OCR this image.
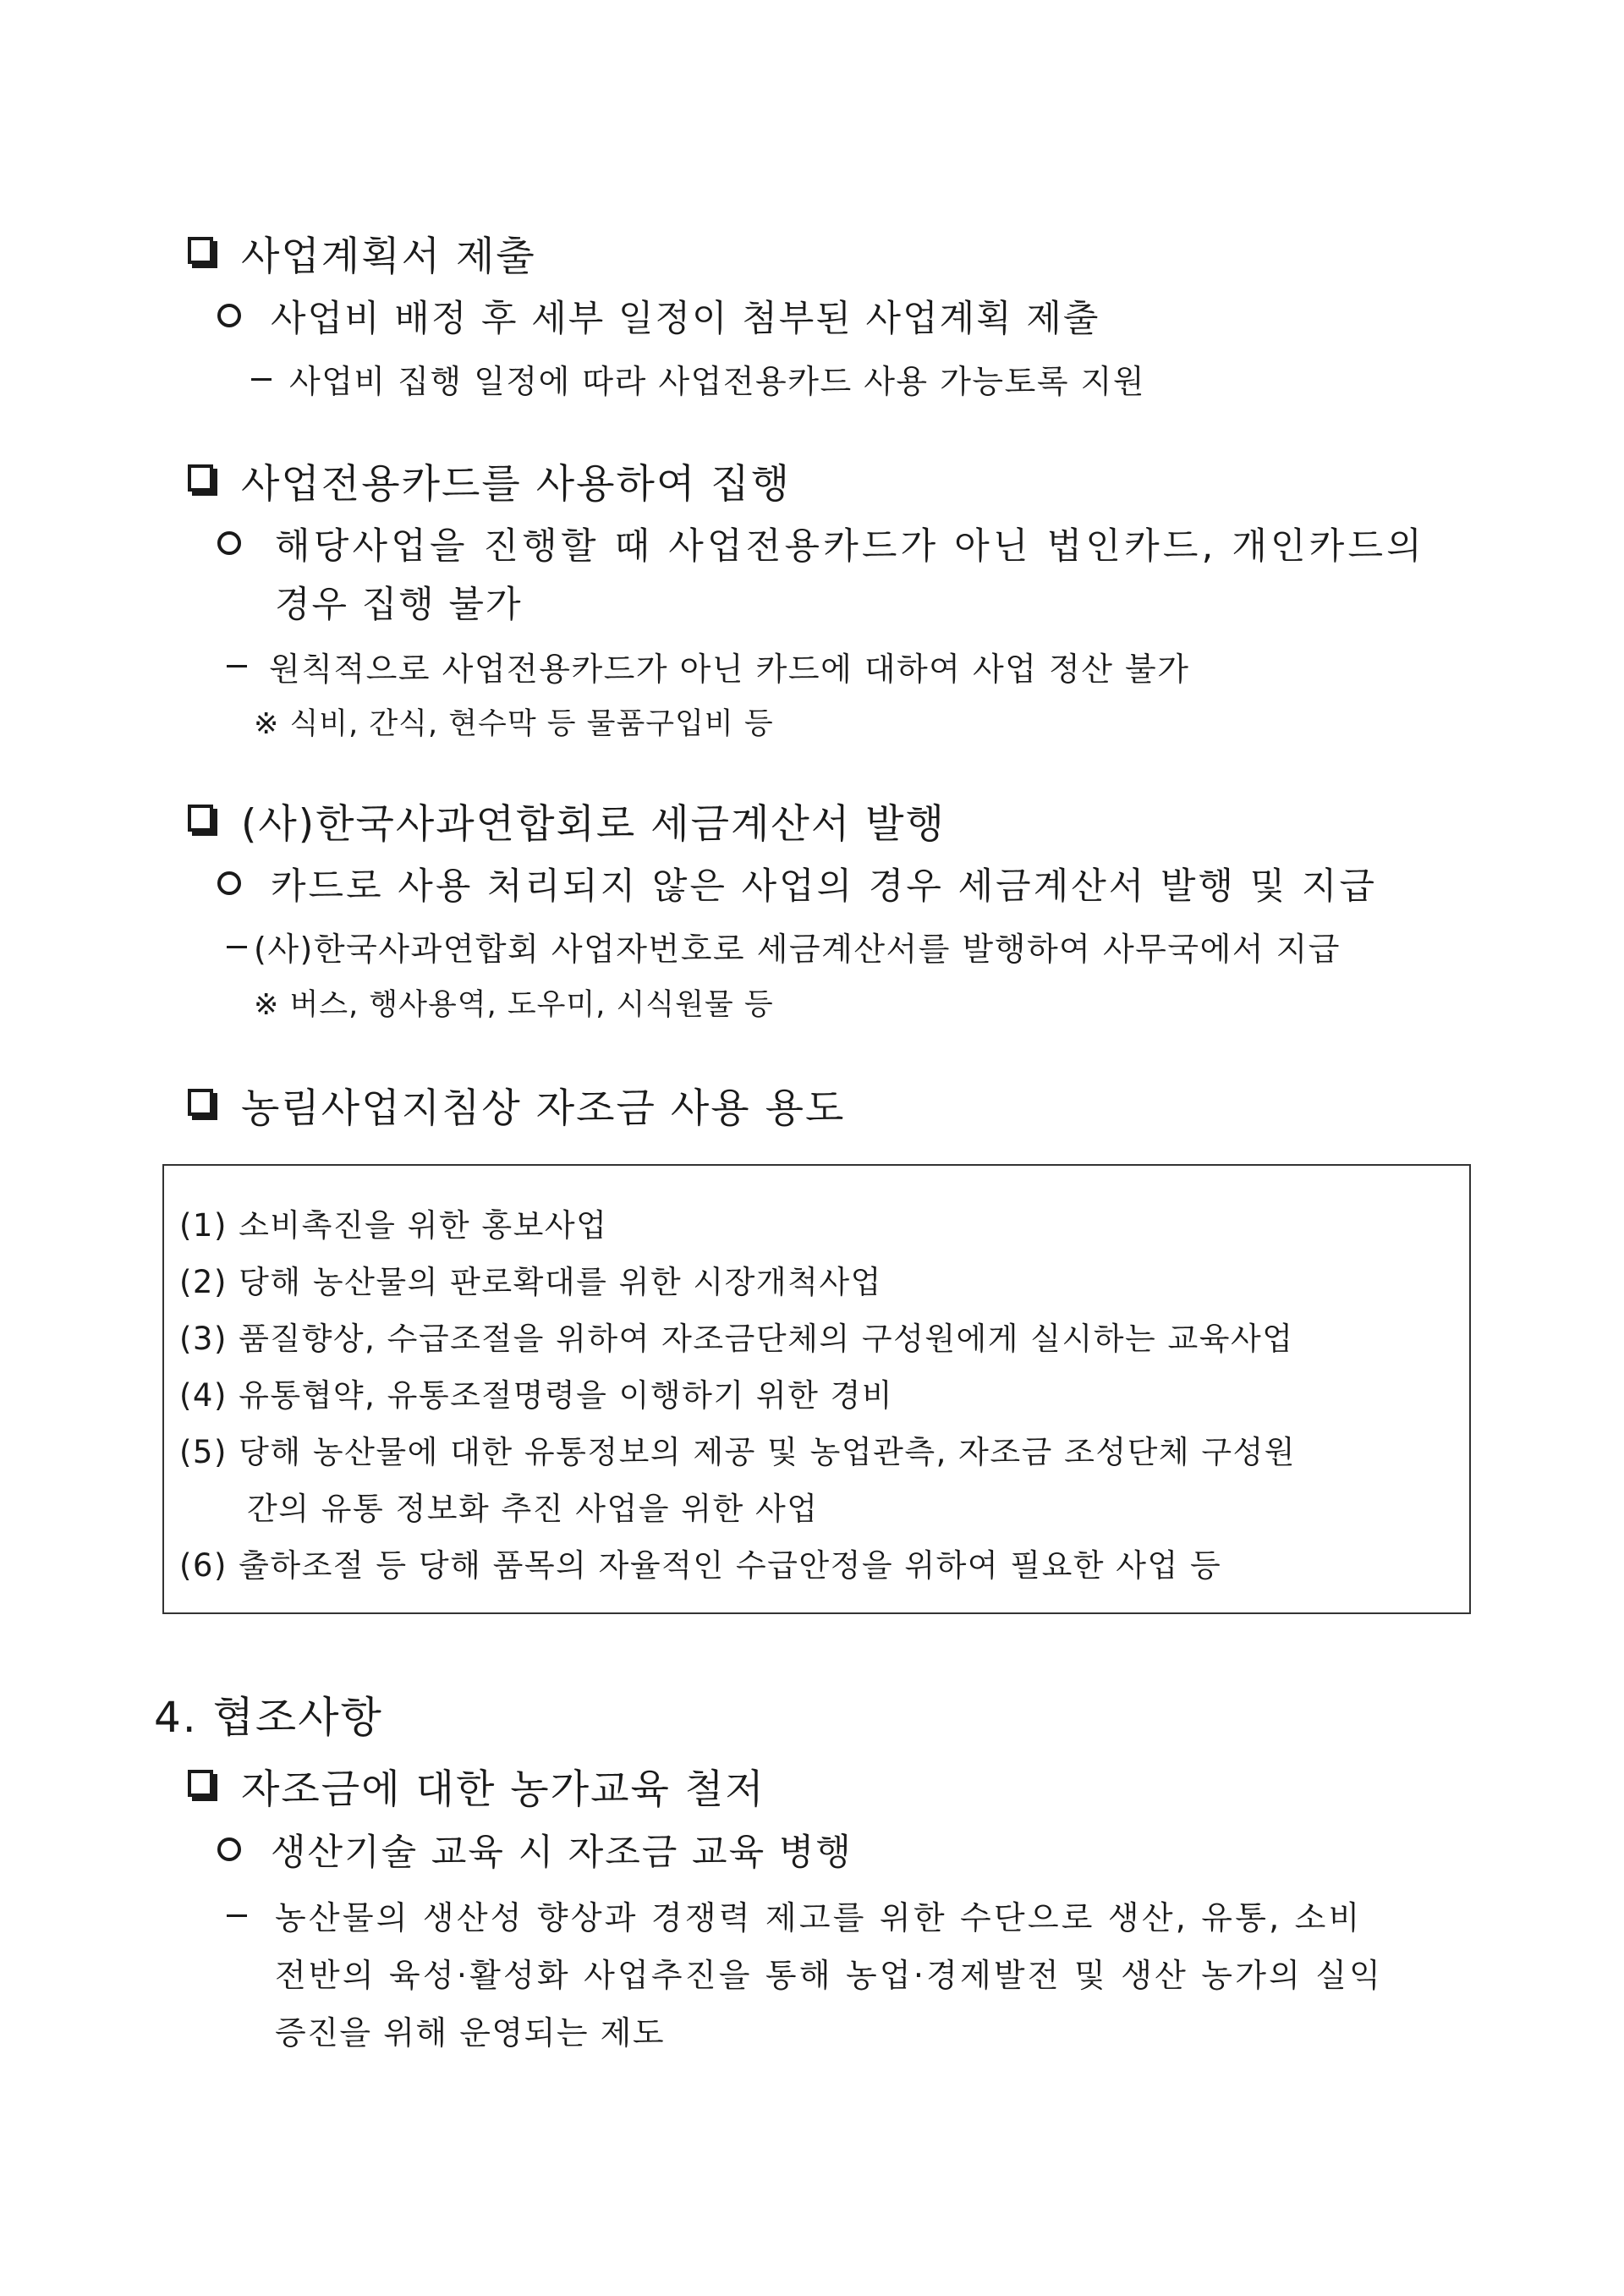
사업계획서 제출
사업비 배정 후 세부 일정이 첨부된 사업계획 제출
사업비 집행 일정에 따라 사업전용카드 사용 가능토록 지원
사업전용카드를 사용하여 집행
해당사업을 진행할 때 사업전용카드가 아닌 법인카드, 개인카드의
경우 집행 불가
원칙적으로 사업전용카드가 아닌 카드에 대하여 사업 정산 불가
※ 식비, 간식, 현수막 등 물품구입비 등
(사)한국사과연합회로 세금계산서 발행
카드로 사용 처리되지 않은 사업의 경우 세금계산서 발행 및 지급
(사)한국사과연합회 사업자번호로 세금계산서를 발행하여 사무국에서 지급
※ 버스, 행사용역, 도우미, 시식원물 등
농림사업지침상 자조금 사용 용도
(1) 소비촉진을 위한 홍보사업
(2) 당해 농산물의 판로확대를 위한 시장개척사업
(3) 품질향상, 수급조절을 위하여 자조금단체의 구성원에게 실시하는 교육사업
(4) 유통협약, 유통조절명령을 이행하기 위한 경비
(5) 당해 농산물에 대한 유통정보의 제공 및 농업관측, 자조금 조성단체 구성원
간의 유통 정보화 추진 사업을 위한 사업
(6) 출하조절 등 당해 품목의 자율적인 수급안정을 위하여 필요한 사업 등
4. 협조사항
자조금에 대한 농가교육 철저
생산기술 교육 시 자조금 교육 병행
농산물의 생산성 향상과 경쟁력 제고를 위한 수단으로 생산, 유통, 소비
전반의 육성·활성화 사업추진을 통해 농업·경제발전 및 생산 농가의 실익
증진을 위해 운영되는 제도
